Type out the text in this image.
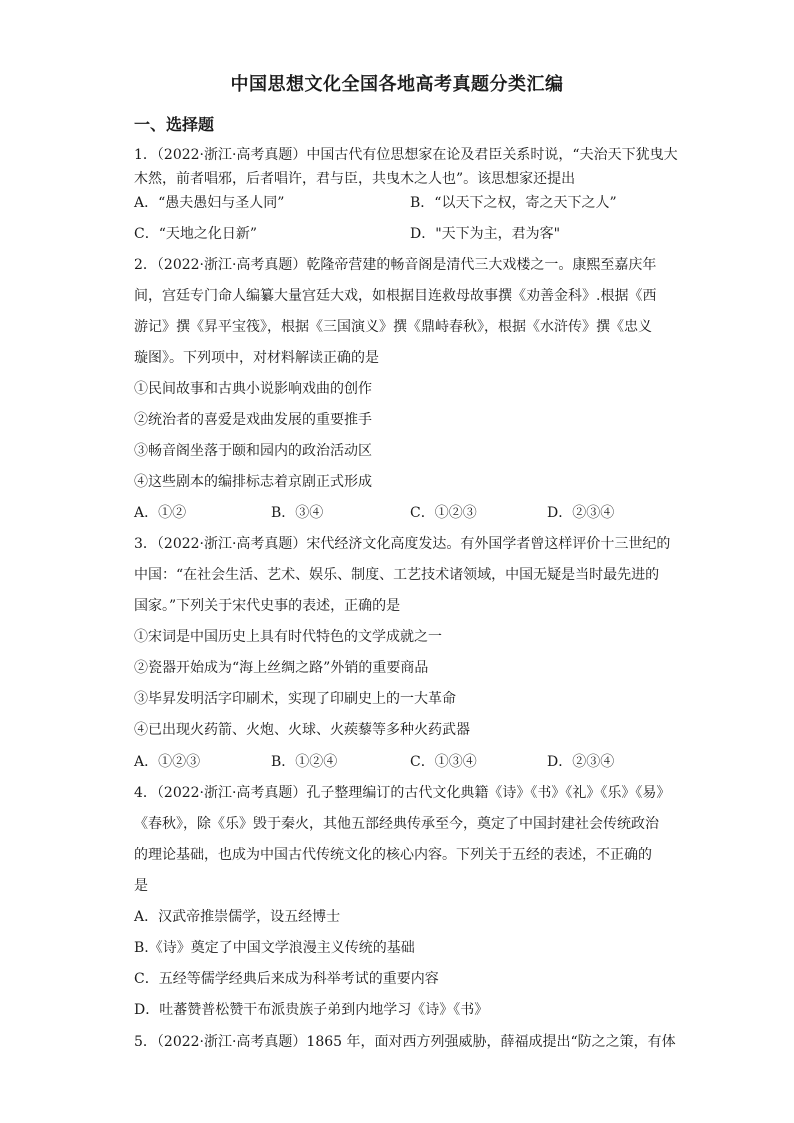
中国思想文化全国各地高考真题分类汇编
一、选择题
1．（2022·浙江·高考真题）中国古代有位思想家在论及君臣关系时说，“夫治天下犹曳大
木然，前者唱邪，后者唱许，君与臣，共曳木之人也”。该思想家还提出
A．“愚夫愚妇与圣人同”	B．“以天下之权，寄之天下之人”
C．“天地之化日新”	D．"天下为主，君为客"
2．（2022·浙江·高考真题）乾隆帝营建的畅音阁是清代三大戏楼之一。康熙至嘉庆年
间，宫廷专门命人编纂大量宫廷大戏，如根据目连救母故事撰《劝善金科》.根据《西
游记》撰《昇平宝筏》，根据《三国演义》撰《鼎峙春秋》，根据《水浒传》撰《忠义
璇图》。下列项中，对材料解读正确的是
①民间故事和古典小说影响戏曲的创作
②统治者的喜爱是戏曲发展的重要推手
③畅音阁坐落于颐和园内的政治活动区
④这些剧本的编排标志着京剧正式形成
A．①②	B．③④	C．①②③	D．②③④
3．（2022·浙江·高考真题）宋代经济文化高度发达。有外国学者曾这样评价十三世纪的
中国：“在社会生活、艺术、娱乐、制度、工艺技术诸领域，中国无疑是当时最先进的
国家。”下列关于宋代史事的表述，正确的是
①宋词是中国历史上具有时代特色的文学成就之一
②瓷器开始成为“海上丝绸之路”外销的重要商品
③毕昇发明活字印刷术，实现了印刷史上的一大革命
④已出现火药箭、火炮、火球、火蒺藜等多种火药武器
A．①②③	B．①②④	C．①③④	D．②③④
4．（2022·浙江·高考真题）孔子整理编订的古代文化典籍《诗》《书》《礼》《乐》《易》
《春秋》，除《乐》毁于秦火，其他五部经典传承至今，奠定了中国封建社会传统政治
的理论基础，也成为中国古代传统文化的核心内容。下列关于五经的表述，不正确的
是
A．汉武帝推崇儒学，设五经博士
B.《诗》奠定了中国文学浪漫主义传统的基础
C．五经等儒学经典后来成为科举考试的重要内容
D．吐蕃赞普松赞干布派贵族子弟到内地学习《诗》《书》
5．（2022·浙江·高考真题）1865 年，面对西方列强威胁，薛福成提出“防之之策，有体
